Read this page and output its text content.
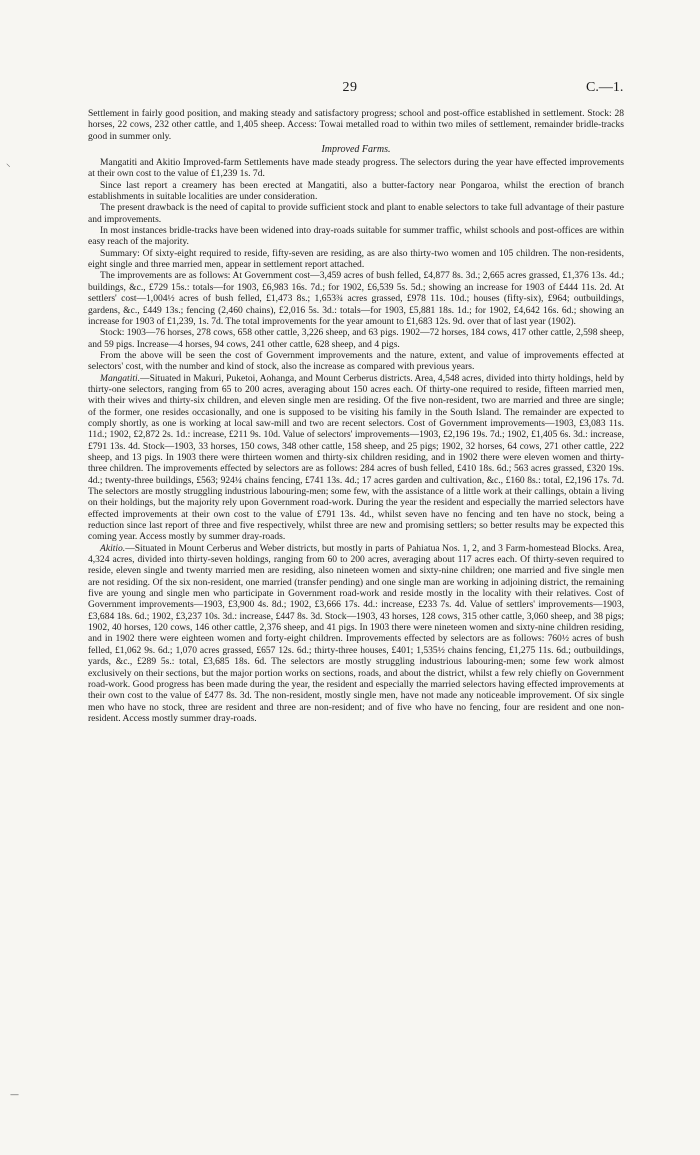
29	C.—1.
⸌
—

Settlement in fairly good position, and making steady and satisfactory progress; school and post-office established in settlement. Stock: 28 horses, 22 cows, 232 other cattle, and 1,405 sheep. Access: Towai metalled road to within two miles of settlement, remainder bridle-tracks good in summer only.

Improved Farms.

Mangatiti and Akitio Improved-farm Settlements have made steady progress. The selectors during the year have effected improvements at their own cost to the value of £1,239 1s. 7d.

Since last report a creamery has been erected at Mangatiti, also a butter-factory near Pongaroa, whilst the erection of branch establishments in suitable localities are under consideration.

The present drawback is the need of capital to provide sufficient stock and plant to enable selectors to take full advantage of their pasture and improvements.

In most instances bridle-tracks have been widened into dray-roads suitable for summer traffic, whilst schools and post-offices are within easy reach of the majority.

Summary: Of sixty-eight required to reside, fifty-seven are residing, as are also thirty-two women and 105 children. The non-residents, eight single and three married men, appear in settlement report attached.

The improvements are as follows: At Government cost—3,459 acres of bush felled, £4,877 8s. 3d.; 2,665 acres grassed, £1,376 13s. 4d.; buildings, &c., £729 15s.: totals—for 1903, £6,983 16s. 7d.; for 1902, £6,539 5s. 5d.; showing an increase for 1903 of £444 11s. 2d. At settlers' cost—1,004½ acres of bush felled, £1,473 8s.; 1,653¾ acres grassed, £978 11s. 10d.; houses (fifty-six), £964; outbuildings, gardens, &c., £449 13s.; fencing (2,460 chains), £2,016 5s. 3d.: totals—for 1903, £5,881 18s. 1d.; for 1902, £4,642 16s. 6d.; showing an increase for 1903 of £1,239, 1s. 7d. The total improvements for the year amount to £1,683 12s. 9d. over that of last year (1902).

Stock: 1903—76 horses, 278 cows, 658 other cattle, 3,226 sheep, and 63 pigs. 1902—72 horses, 184 cows, 417 other cattle, 2,598 sheep, and 59 pigs. Increase—4 horses, 94 cows, 241 other cattle, 628 sheep, and 4 pigs.

From the above will be seen the cost of Government improvements and the nature, extent, and value of improvements effected at selectors' cost, with the number and kind of stock, also the increase as compared with previous years.

Mangatiti.—Situated in Makuri, Puketoi, Aohanga, and Mount Cerberus districts. Area, 4,548 acres, divided into thirty holdings, held by thirty-one selectors, ranging from 65 to 200 acres, averaging about 150 acres each. Of thirty-one required to reside, fifteen married men, with their wives and thirty-six children, and eleven single men are residing. Of the five non-resident, two are married and three are single; of the former, one resides occasionally, and one is supposed to be visiting his family in the South Island. The remainder are expected to comply shortly, as one is working at local saw-mill and two are recent selectors. Cost of Government improvements—1903, £3,083 11s. 11d.; 1902, £2,872 2s. 1d.: increase, £211 9s. 10d. Value of selectors' improvements—1903, £2,196 19s. 7d.; 1902, £1,405 6s. 3d.: increase, £791 13s. 4d. Stock—1903, 33 horses, 150 cows, 348 other cattle, 158 sheep, and 25 pigs; 1902, 32 horses, 64 cows, 271 other cattle, 222 sheep, and 13 pigs. In 1903 there were thirteen women and thirty-six children residing, and in 1902 there were eleven women and thirty-three children. The improvements effected by selectors are as follows: 284 acres of bush felled, £410 18s. 6d.; 563 acres grassed, £320 19s. 4d.; twenty-three buildings, £563; 924¼ chains fencing, £741 13s. 4d.; 17 acres garden and cultivation, &c., £160 8s.: total, £2,196 17s. 7d. The selectors are mostly struggling industrious labouring-men; some few, with the assistance of a little work at their callings, obtain a living on their holdings, but the majority rely upon Government road-work. During the year the resident and especially the married selectors have effected improvements at their own cost to the value of £791 13s. 4d., whilst seven have no fencing and ten have no stock, being a reduction since last report of three and five respectively, whilst three are new and promising settlers; so better results may be expected this coming year. Access mostly by summer dray-roads.

Akitio.—Situated in Mount Cerberus and Weber districts, but mostly in parts of Pahiatua Nos. 1, 2, and 3 Farm-homestead Blocks. Area, 4,324 acres, divided into thirty-seven holdings, ranging from 60 to 200 acres, averaging about 117 acres each. Of thirty-seven required to reside, eleven single and twenty married men are residing, also nineteen women and sixty-nine children; one married and five single men are not residing. Of the six non-resident, one married (transfer pending) and one single man are working in adjoining district, the remaining five are young and single men who participate in Government road-work and reside mostly in the locality with their relatives. Cost of Government improvements—1903, £3,900 4s. 8d.; 1902, £3,666 17s. 4d.: increase, £233 7s. 4d. Value of settlers' improvements—1903, £3,684 18s. 6d.; 1902, £3,237 10s. 3d.: increase, £447 8s. 3d. Stock—1903, 43 horses, 128 cows, 315 other cattle, 3,060 sheep, and 38 pigs; 1902, 40 horses, 120 cows, 146 other cattle, 2,376 sheep, and 41 pigs. In 1903 there were nineteen women and sixty-nine children residing, and in 1902 there were eighteen women and forty-eight children. Improvements effected by selectors are as follows: 760½ acres of bush felled, £1,062 9s. 6d.; 1,070 acres grassed, £657 12s. 6d.; thirty-three houses, £401; 1,535½ chains fencing, £1,275 11s. 6d.; outbuildings, yards, &c., £289 5s.: total, £3,685 18s. 6d. The selectors are mostly struggling industrious labouring-men; some few work almost exclusively on their sections, but the major portion works on sections, roads, and about the district, whilst a few rely chiefly on Government road-work. Good progress has been made during the year, the resident and especially the married selectors having effected improvements at their own cost to the value of £477 8s. 3d. The non-resident, mostly single men, have not made any noticeable improvement. Of six single men who have no stock, three are resident and three are non-resident; and of five who have no fencing, four are resident and one non-resident. Access mostly summer dray-roads.
